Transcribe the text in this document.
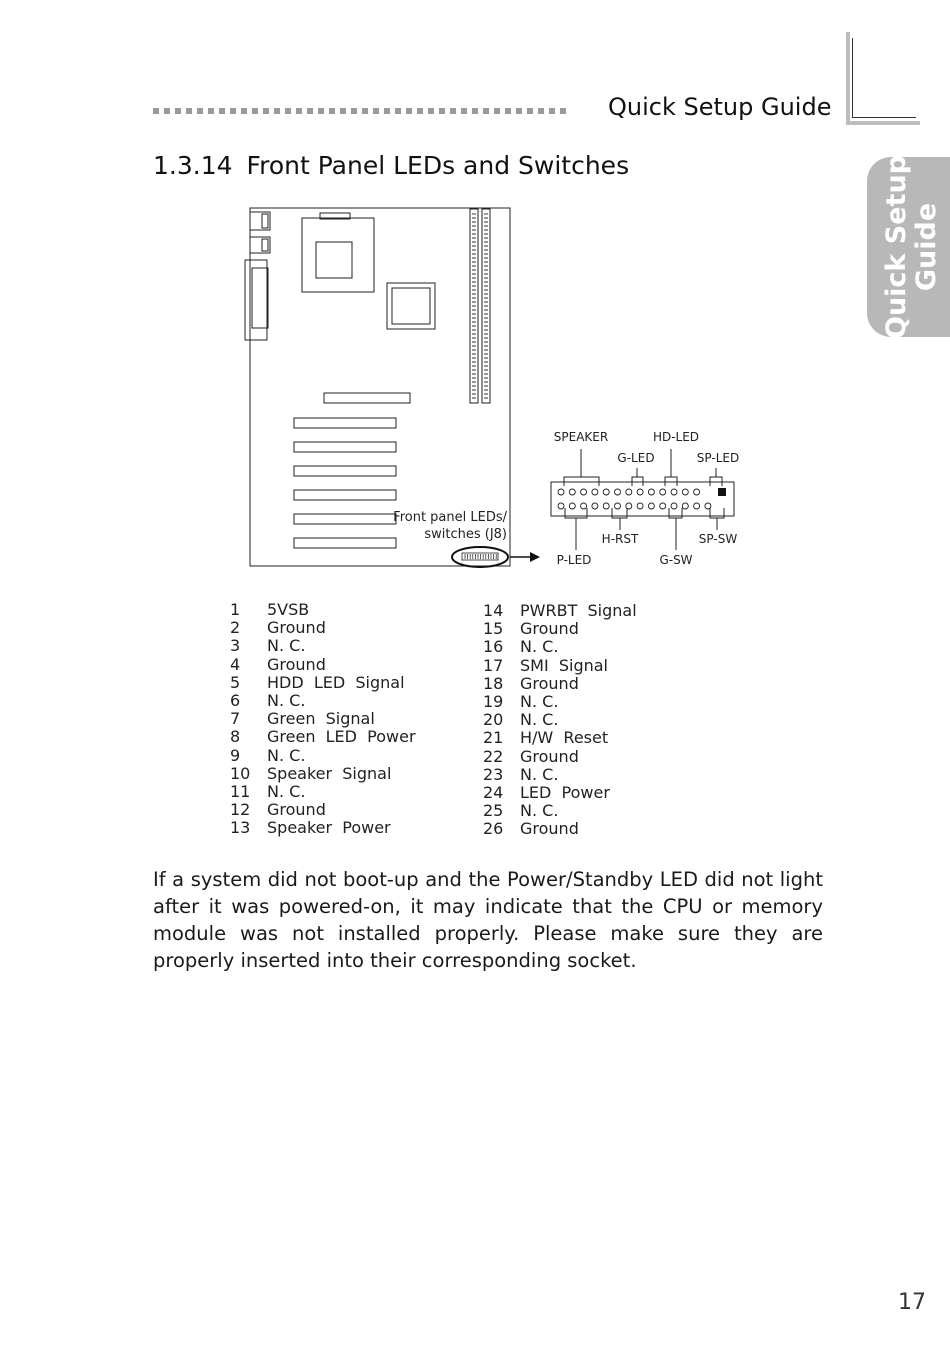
Quick Setup Guide
Quick Setup Guide
1.3.14 Front Panel LEDs and Switches
Front panel LEDs/
switches (J8)
SPEAKER	HD-LED
G-LED	SP-LED
H-RST	SP-SW
P-LED	G-SW
1	5VSB
2	Ground
3	N. C.
4	Ground
5	HDD  LED  Signal
6	N. C.
7	Green  Signal
8	Green  LED  Power
9	N. C.
10	Speaker  Signal
11	N. C.
12	Ground
13	Speaker  Power
14	PWRBT  Signal
15	Ground
16	N. C.
17	SMI  Signal
18	Ground
19	N. C.
20	N. C.
21	H/W  Reset
22	Ground
23	N. C.
24	LED  Power
25	N. C.
26	Ground
If a system did not boot-up and the Power/Standby LED did not light after it was powered-on, it may indicate that the CPU or memory module was not installed properly. Please make sure they are properly inserted into their corresponding socket.
17
